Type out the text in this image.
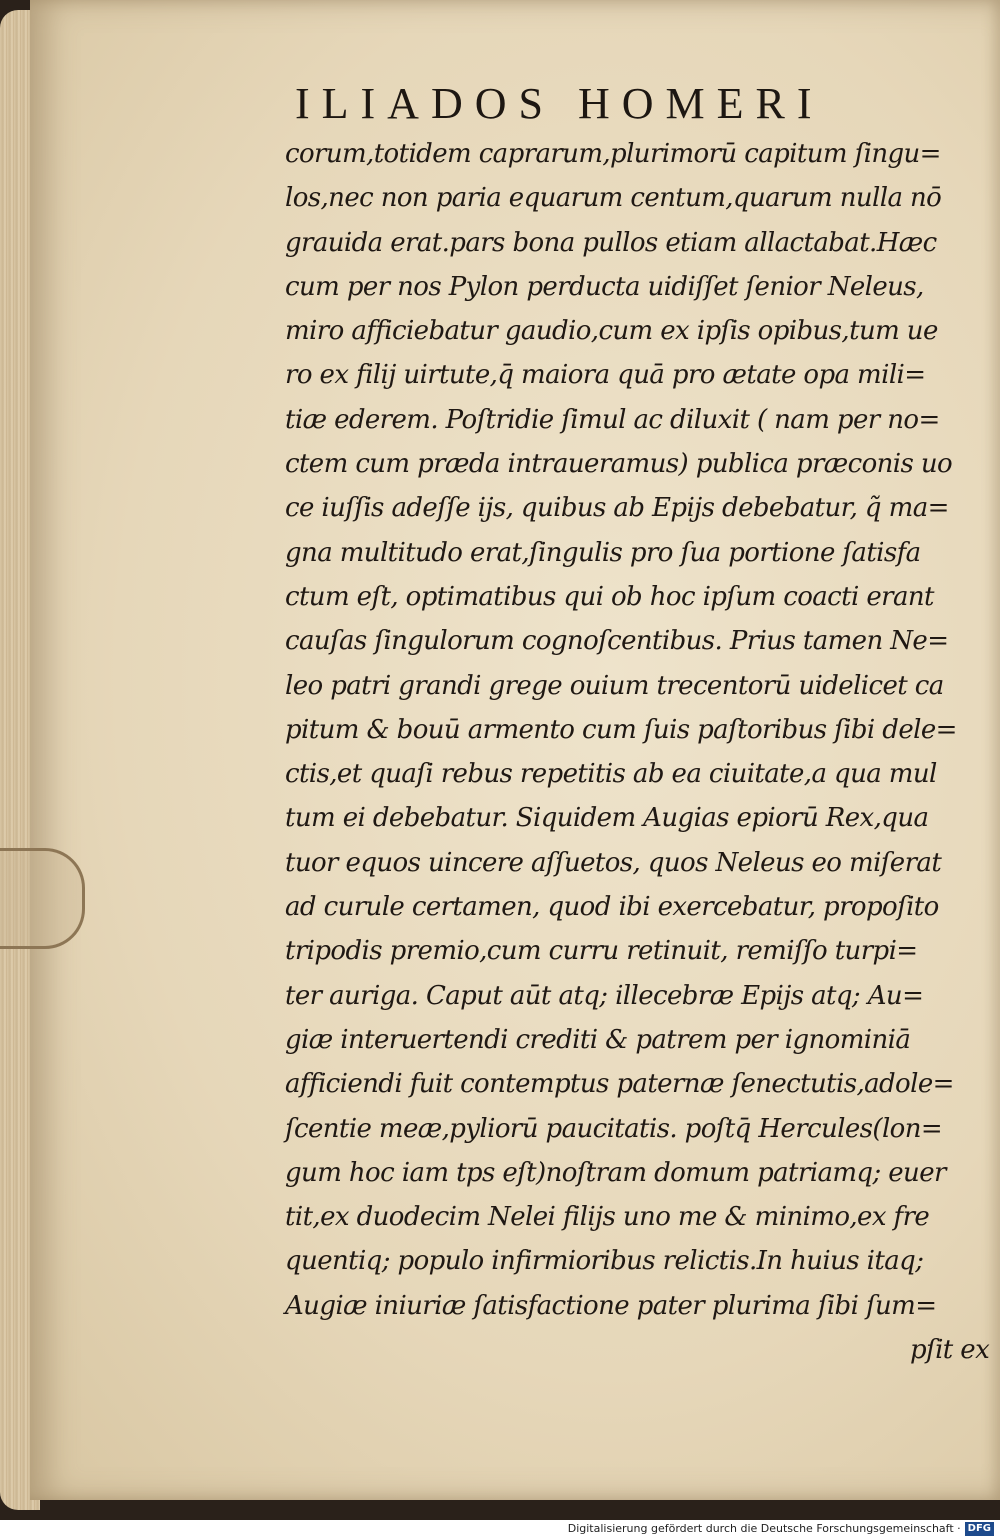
ILIADOS HOMERI
corum,totidem caprarum,plurimorū capitum ſingu=
los,nec non paria equarum centum,quarum nulla nō
grauida erat.pars bona pullos etiam allactabat.Hæc
cum per nos Pylon perducta uidiſſet ſenior Neleus,
miro afficiebatur gaudio,cum ex ipſis opibus,tum ue
ro ex filij uirtute,q̄ maiora quā pro ætate opa mili=
tiæ ederem. Poſtridie ſimul ac diluxit ( nam per no=
ctem cum præda intraueramus) publica præconis uo
ce iuſſis adeſſe ijs, quibus ab Epijs debebatur, q̃ ma=
gna multitudo erat,ſingulis pro ſua portione ſatisfa
ctum eſt, optimatibus qui ob hoc ipſum coacti erant
cauſas ſingulorum cognoſcentibus. Prius tamen Ne=
leo patri grandi grege ouium trecentorū uidelicet ca
pitum & bouū armento cum ſuis paſtoribus ſibi dele=
ctis,et quaſi rebus repetitis ab ea ciuitate,a qua mul
tum ei debebatur. Siquidem Augias epiorū Rex,qua
tuor equos uincere aſſuetos, quos Neleus eo miſerat
ad curule certamen, quod ibi exercebatur, propoſito
tripodis premio,cum curru retinuit, remiſſo turpi=
ter auriga. Caput aūt atq; illecebræ Epijs atq; Au=
giæ interuertendi crediti & patrem per ignominiā
afficiendi fuit contemptus paternæ ſenectutis,adole=
ſcentie meæ,pyliorū paucitatis. poſtq̄ Hercules(lon=
gum hoc iam tps eſt)noſtram domum patriamq; euer
tit,ex duodecim Nelei filijs uno me & minimo,ex fre
quentiq; populo infirmioribus relictis.In huius itaq;
Augiæ iniuriæ ſatisfactione pater plurima ſibi ſum=
pſit ex
Digitalisierung gefördert durch die Deutsche Forschungsgemeinschaft · DFG
